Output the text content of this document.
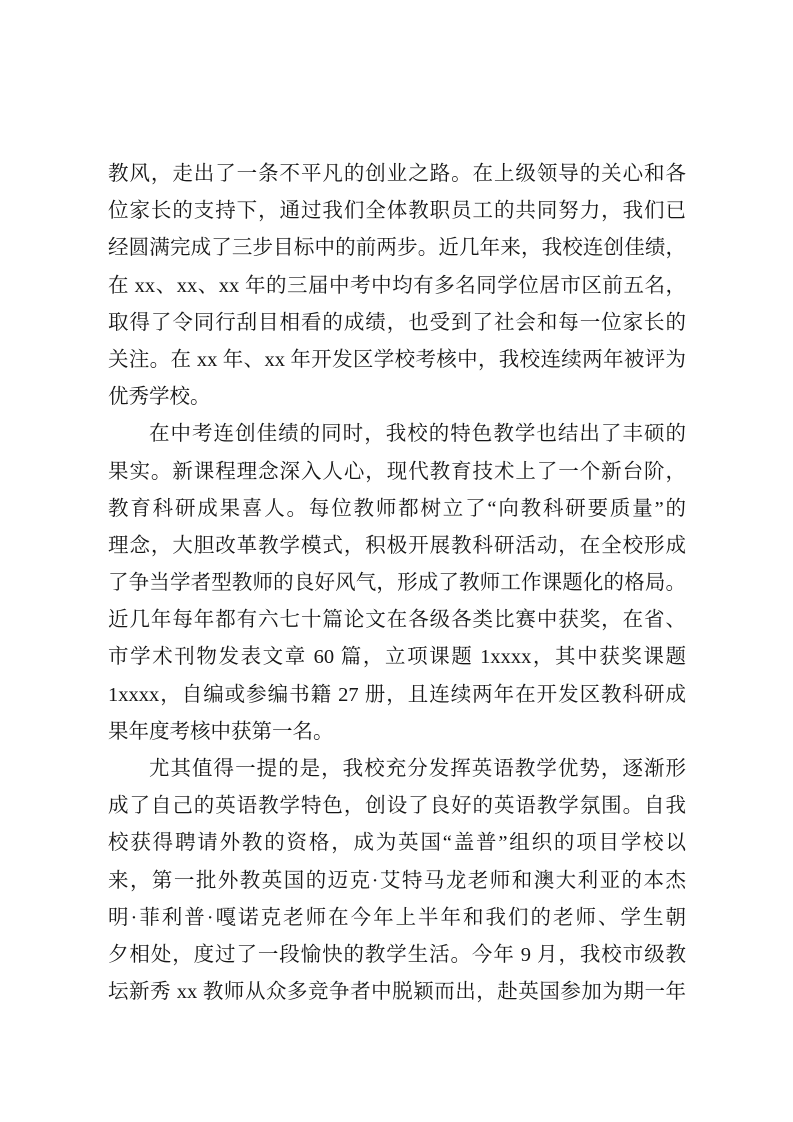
教风，走出了一条不平凡的创业之路。在上级领导的关心和各
位家长的支持下，通过我们全体教职员工的共同努力，我们已
经圆满完成了三步目标中的前两步。近几年来，我校连创佳绩，
在 xx、xx、xx 年的三届中考中均有多名同学位居市区前五名，
取得了令同行刮目相看的成绩，也受到了社会和每一位家长的
关注。在 xx 年、xx 年开发区学校考核中，我校连续两年被评为
优秀学校。
在中考连创佳绩的同时，我校的特色教学也结出了丰硕的
果实。新课程理念深入人心，现代教育技术上了一个新台阶，
教育科研成果喜人。每位教师都树立了“向教科研要质量”的
理念，大胆改革教学模式，积极开展教科研活动，在全校形成
了争当学者型教师的良好风气，形成了教师工作课题化的格局。
近几年每年都有六七十篇论文在各级各类比赛中获奖，在省、
市学术刊物发表文章 60 篇，立项课题 1xxxx，其中获奖课题
1xxxx，自编或参编书籍 27 册，且连续两年在开发区教科研成
果年度考核中获第一名。
尤其值得一提的是，我校充分发挥英语教学优势，逐渐形
成了自己的英语教学特色，创设了良好的英语教学氛围。自我
校获得聘请外教的资格，成为英国“盖普”组织的项目学校以
来，第一批外教英国的迈克·艾特马龙老师和澳大利亚的本杰
明·菲利普·嘎诺克老师在今年上半年和我们的老师、学生朝
夕相处，度过了一段愉快的教学生活。今年 9 月，我校市级教
坛新秀 xx 教师从众多竞争者中脱颖而出，赴英国参加为期一年
